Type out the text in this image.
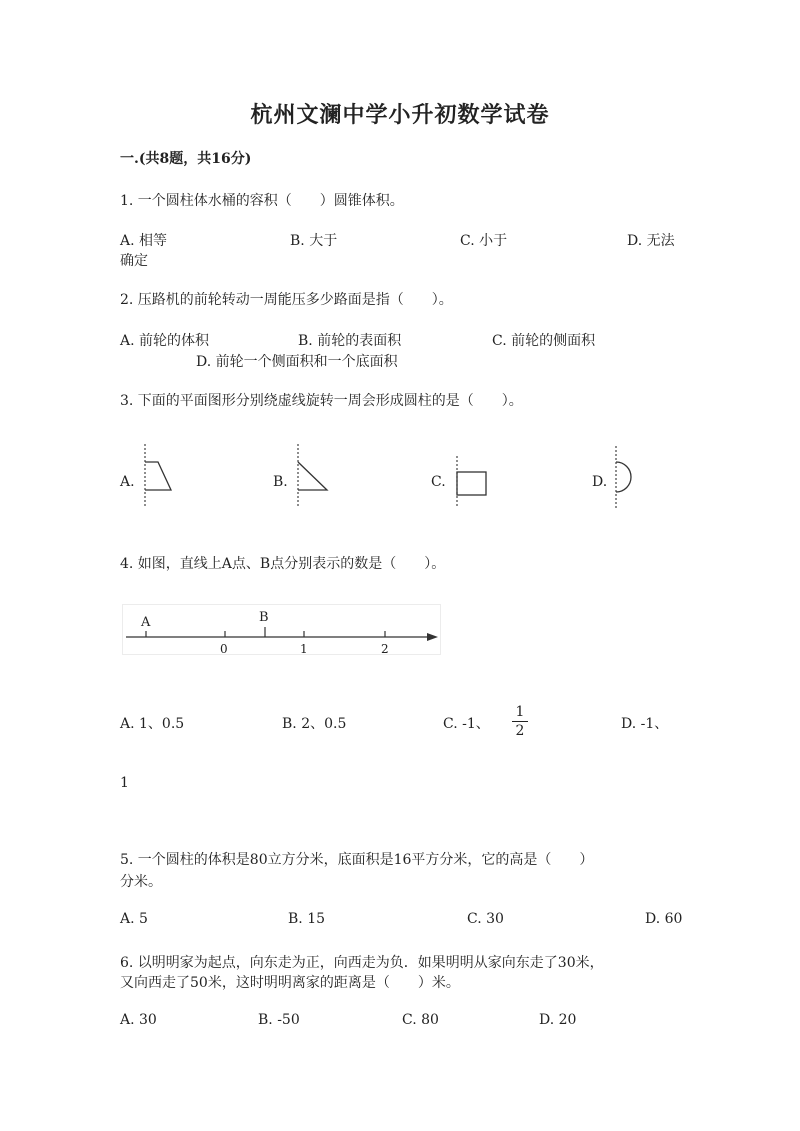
杭州文澜中学小升初数学试卷
一.(共8题，共16分)
1. 一个圆柱体水桶的容积（　　）圆锥体积。
A. 相等	B. 大于	C. 小于	D. 无法
确定
2. 压路机的前轮转动一周能压多少路面是指（　　）。
A. 前轮的体积	B. 前轮的表面积	C. 前轮的侧面积
D. 前轮一个侧面积和一个底面积
3. 下面的平面图形分别绕虚线旋转一周会形成圆柱的是（　　）。
A.	B.	C.	D.
4. 如图，直线上A点、B点分别表示的数是（　　）。
A	B
0	1	2
A. 1、0.5	B. 2、0.5	C. -1、
1
2	D. -1、
1
5. 一个圆柱的体积是80立方分米，底面积是16平方分米，它的高是（　　）
分米。
A. 5	B. 15	C. 30	D. 60
6. 以明明家为起点，向东走为正，向西走为负．如果明明从家向东走了30米，
又向西走了50米，这时明明离家的距离是（　　）米。
A. 30	B. -50	C. 80	D. 20
